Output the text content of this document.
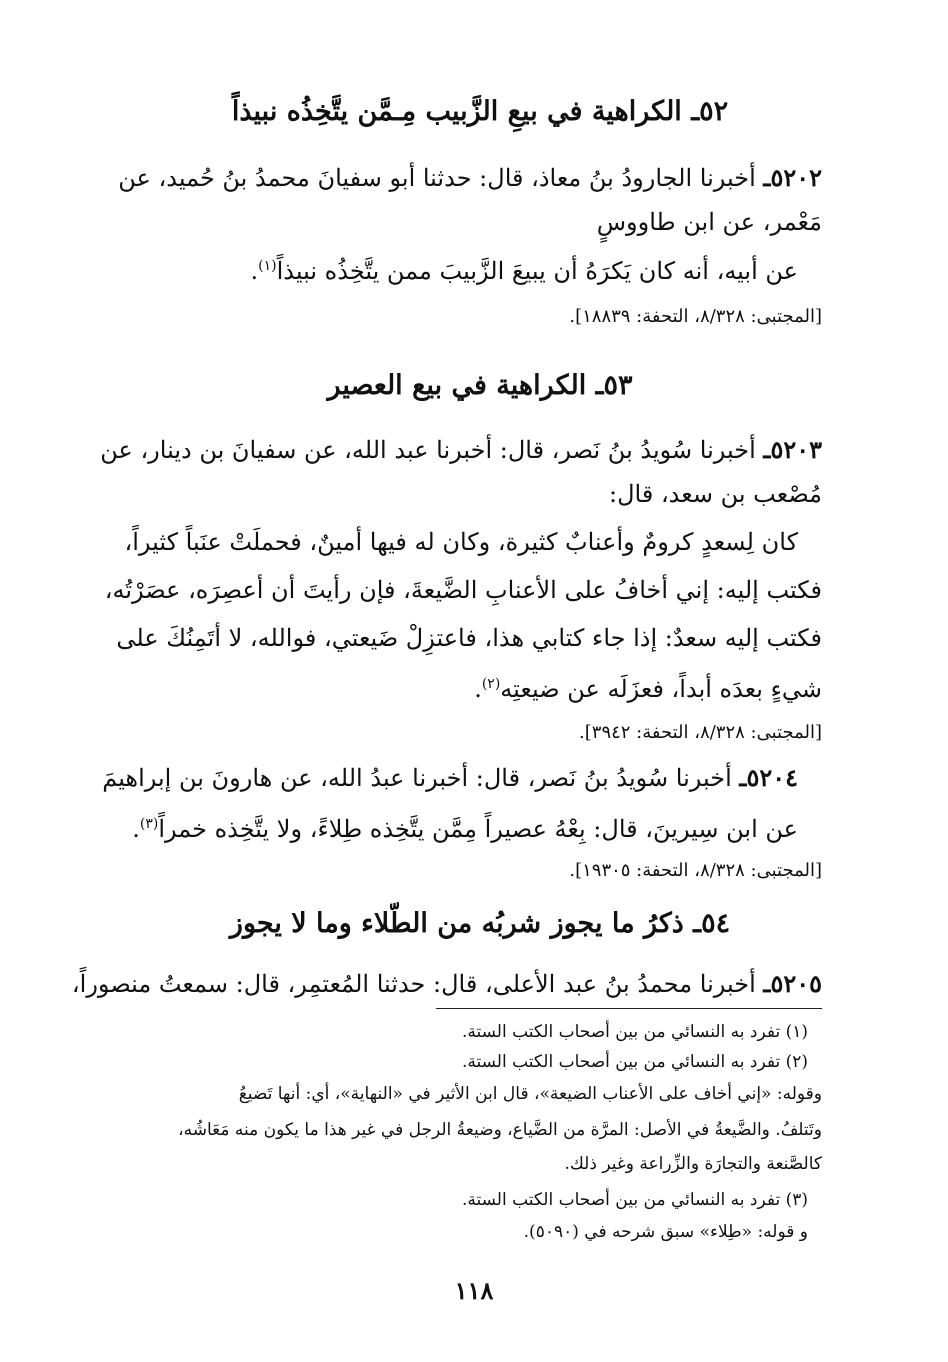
٥٢ـ الكراهية في بيعِ الزَّبيب مِـمَّن يتَّخِذُه نبيذاً
٥٢٠٢ـ أخبرنا الجارودُ بنُ معاذ، قال: حدثنا أبو سفيانَ محمدُ بنُ حُميد، عن
مَعْمر، عن ابن طاووسٍ
عن أبيه، أنه كان يَكرَهُ أن يبيعَ الزَّبيبَ ممن يتَّخِذُه نبيذاً$^{(١)}$.
[المجتبى: ٨/٣٢٨، التحفة: ١٨٨٣٩].
٥٣ـ الكراهية في بيع العصير
٥٢٠٣ـ أخبرنا سُويدُ بنُ نَصر، قال: أخبرنا عبد الله، عن سفيانَ بن دينار، عن
مُصْعب بن سعد، قال:
كان لِسعدٍ كرومٌ وأعنابٌ كثيرة، وكان له فيها أمينٌ، فحملَتْ عنَباً كثيراً،
فكتب إليه: إني أخافُ على الأعنابِ الضَّيعةَ، فإن رأيتَ أن أعصِرَه، عصَرْتُه،
فكتب إليه سعدٌ: إذا جاء كتابي هذا، فاعتزِلْ ضَيعتي، فوالله، لا أتَمِنُكَ على
شيءٍ بعدَه أبداً، فعزَلَه عن ضيعتِه$^{(٢)}$.
[المجتبى: ٨/٣٢٨، التحفة: ٣٩٤٢].
٥٢٠٤ـ أخبرنا سُويدُ بنُ نَصر، قال: أخبرنا عبدُ الله، عن هارونَ بن إبراهيمَ
عن ابن سِيرينَ، قال: بِعْهُ عصيراً مِمَّن يتَّخِذه طِلاءً، ولا يتَّخِذه خمراً$^{(٣)}$.
[المجتبى: ٨/٣٢٨، التحفة: ١٩٣٠٥].
٥٤ـ ذكرُ ما يجوز شربُه من الطّلاء وما لا يجوز
٥٢٠٥ـ أخبرنا محمدُ بنُ عبد الأعلى، قال: حدثنا المُعتمِر، قال: سمعتُ منصوراً،
(١) تفرد به النسائي من بين أصحاب الكتب الستة.
(٢) تفرد به النسائي من بين أصحاب الكتب الستة.
وقوله: «إني أخاف على الأعناب الضيعة»، قال ابن الأثير في «النهاية»، أي: أنها تَضيعُ
وتَتلفُ. والضَّيعةُ في الأصل: المرَّة من الضَّياع، وضيعةُ الرجل في غير هذا ما يكون منه مَعَاشُه،
كالصَّنعة والتجارَة والزِّراعة وغير ذلك.
(٣) تفرد به النسائي من بين أصحاب الكتب الستة.
و قوله: «طِلاء» سبق شرحه في (٥٠٩٠).
١١٨
